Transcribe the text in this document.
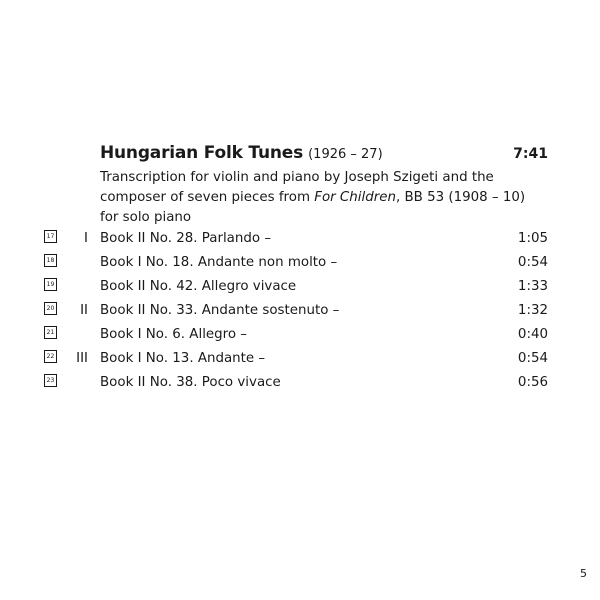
Hungarian Folk Tunes (1926 – 27)	7:41
Transcription for violin and piano by Joseph Szigeti and the
composer of seven pieces from For Children, BB 53 (1908 – 10)
for solo piano
17 I Book II No. 28. Parlando –	1:05
18	Book I No. 18. Andante non molto –	0:54
19	Book II No. 42. Allegro vivace	1:33
20 II Book II No. 33. Andante sostenuto –	1:32
21	Book I No. 6. Allegro –	0:40
22 III Book I No. 13. Andante –	0:54
23	Book II No. 38. Poco vivace	0:56
5
